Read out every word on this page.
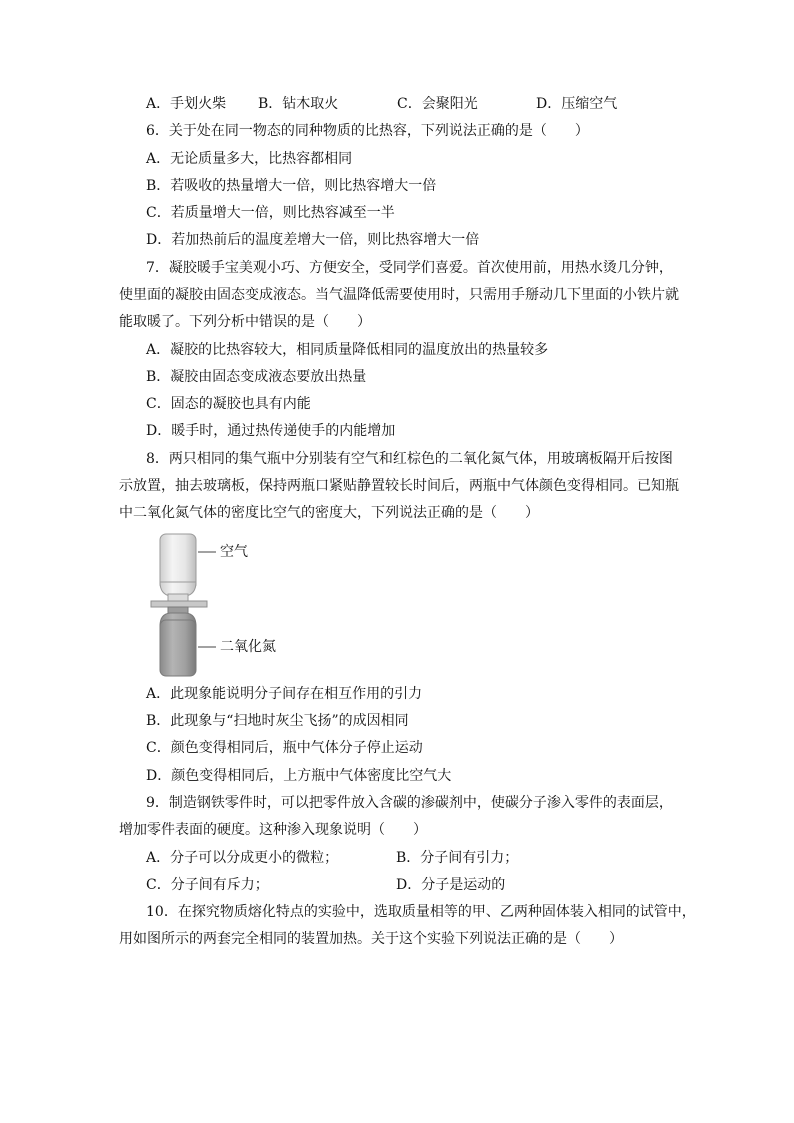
A．手划火柴 B．钻木取火	C．会聚阳光	D．压缩空气
6．关于处在同一物态的同种物质的比热容，下列说法正确的是（　　）
A．无论质量多大，比热容都相同
B．若吸收的热量增大一倍，则比热容增大一倍
C．若质量增大一倍，则比热容减至一半
D．若加热前后的温度差增大一倍，则比热容增大一倍
7．凝胶暖手宝美观小巧、方便安全，受同学们喜爱。首次使用前，用热水烫几分钟，
使里面的凝胶由固态变成液态。当气温降低需要使用时，只需用手掰动几下里面的小铁片就
能取暖了。下列分析中错误的是（　　）
A．凝胶的比热容较大，相同质量降低相同的温度放出的热量较多
B．凝胶由固态变成液态要放出热量
C．固态的凝胶也具有内能
D．暖手时，通过热传递使手的内能增加
8．两只相同的集气瓶中分别装有空气和红棕色的二氧化氮气体，用玻璃板隔开后按图
示放置，抽去玻璃板，保持两瓶口紧贴静置较长时间后，两瓶中气体颜色变得相同。已知瓶
中二氧化氮气体的密度比空气的密度大，下列说法正确的是（　　）
空气
二氧化氮
A．此现象能说明分子间存在相互作用的引力
B．此现象与“扫地时灰尘飞扬”的成因相同
C．颜色变得相同后，瓶中气体分子停止运动
D．颜色变得相同后，上方瓶中气体密度比空气大
9．制造钢铁零件时，可以把零件放入含碳的渗碳剂中，使碳分子渗入零件的表面层，
增加零件表面的硬度。这种渗入现象说明（　　）
A．分子可以分成更小的微粒；	B．分子间有引力；
C．分子间有斥力；	D．分子是运动的
10．在探究物质熔化特点的实验中，选取质量相等的甲、乙两种固体装入相同的试管中，
用如图所示的两套完全相同的装置加热。关于这个实验下列说法正确的是（　　）
